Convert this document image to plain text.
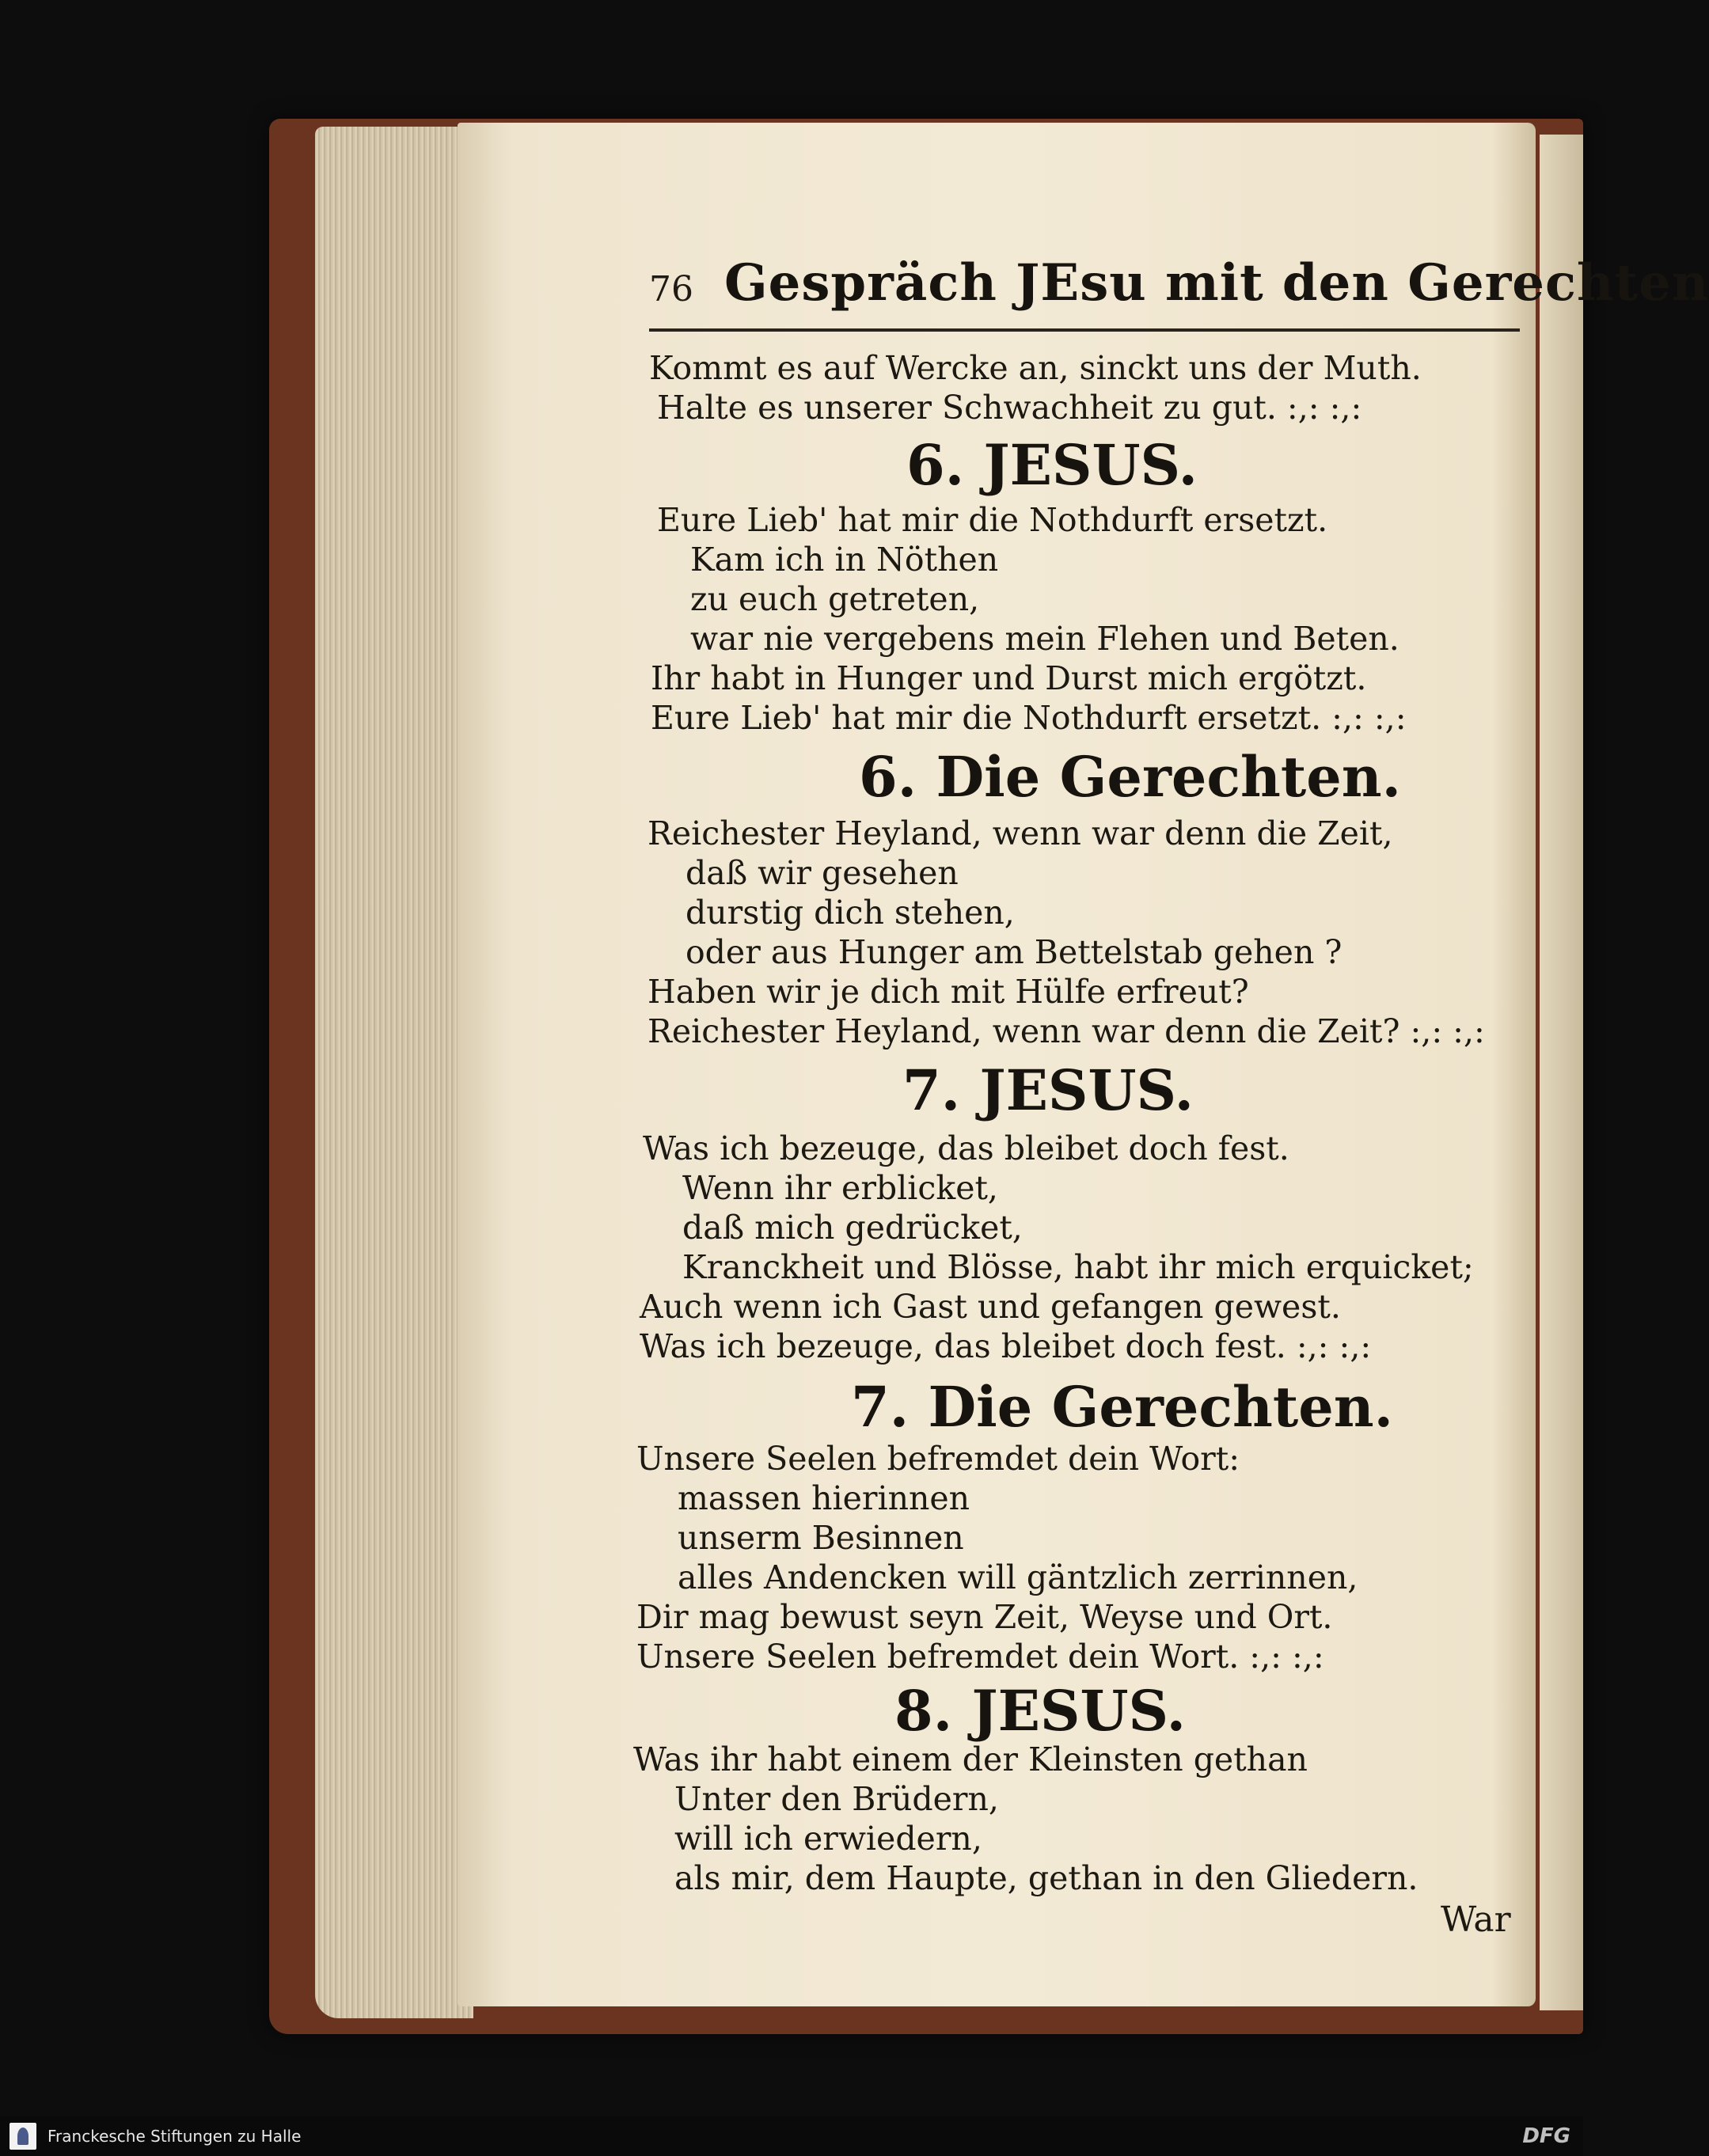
76 Gespräch JEsu mit den Gerechten
Kommt es auf Wercke an, sinckt uns der Muth.
Halte es unserer Schwachheit zu gut. :,: :,:
6. JESUS.
Eure Lieb' hat mir die Nothdurft ersetzt.
Kam ich in Nöthen
zu euch getreten,
war nie vergebens mein Flehen und Beten.
Ihr habt in Hunger und Durst mich ergötzt.
Eure Lieb' hat mir die Nothdurft ersetzt. :,: :,:
6. Die Gerechten.
Reichester Heyland, wenn war denn die Zeit,
daß wir gesehen
durstig dich stehen,
oder aus Hunger am Bettelstab gehen ?
Haben wir je dich mit Hülfe erfreut?
Reichester Heyland, wenn war denn die Zeit? :,: :,:
7. JESUS.
Was ich bezeuge, das bleibet doch fest.
Wenn ihr erblicket,
daß mich gedrücket,
Kranckheit und Blösse, habt ihr mich erquicket;
Auch wenn ich Gast und gefangen gewest.
Was ich bezeuge, das bleibet doch fest. :,: :,:
7. Die Gerechten.
Unsere Seelen befremdet dein Wort:
massen hierinnen
unserm Besinnen
alles Andencken will gäntzlich zerrinnen,
Dir mag bewust seyn Zeit, Weyse und Ort.
Unsere Seelen befremdet dein Wort. :,: :,:
8. JESUS.
Was ihr habt einem der Kleinsten gethan
Unter den Brüdern,
will ich erwiedern,
als mir, dem Haupte, gethan in den Gliedern.
War
Franckesche Stiftungen zu Halle	DFG
